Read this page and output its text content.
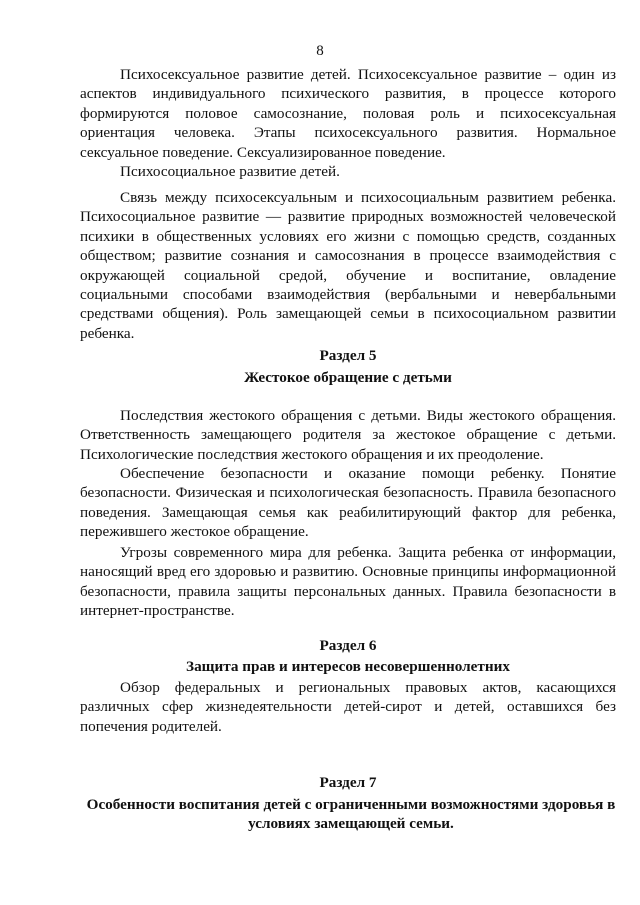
8

Психосексуальное развитие детей. Психосексуальное развитие – один из аспектов индивидуального психического развития, в процессе которого формируются половое самосознание, половая роль и психосексуальная ориентация человека. Этапы психосексуального развития. Нормальное сексуальное поведение. Сексуализированное поведение.

Психосоциальное развитие детей.

Связь между психосексуальным и психосоциальным развитием ребенка. Психосоциальное развитие — развитие природных возможностей человеческой психики в общественных условиях его жизни с помощью средств, созданных обществом; развитие сознания и самосознания в процессе взаимодействия с окружающей социальной средой, обучение и воспитание, овладение социальными способами взаимодействия (вербальными и невербальными средствами общения). Роль замещающей семьи в психосоциальном развитии ребенка.

Раздел 5
Жестокое обращение с детьми

Последствия жестокого обращения с детьми. Виды жестокого обращения. Ответственность замещающего родителя за жестокое обращение с детьми. Психологические последствия жестокого обращения и их преодоление.

Обеспечение безопасности и оказание помощи ребенку. Понятие безопасности. Физическая и психологическая безопасность. Правила безопасного поведения. Замещающая семья как реабилитирующий фактор для ребенка, пережившего жестокое обращение.

Угрозы современного мира для ребенка. Защита ребенка от информации, наносящий вред его здоровью и развитию. Основные принципы информационной безопасности, правила защиты персональных данных. Правила безопасности в интернет-пространстве.

Раздел 6
Защита прав и интересов несовершеннолетних

Обзор федеральных и региональных правовых актов, касающихся различных сфер жизнедеятельности детей-сирот и детей, оставшихся без попечения родителей.

Раздел 7
Особенности воспитания детей с ограниченными возможностями здоровья в условиях замещающей семьи.
